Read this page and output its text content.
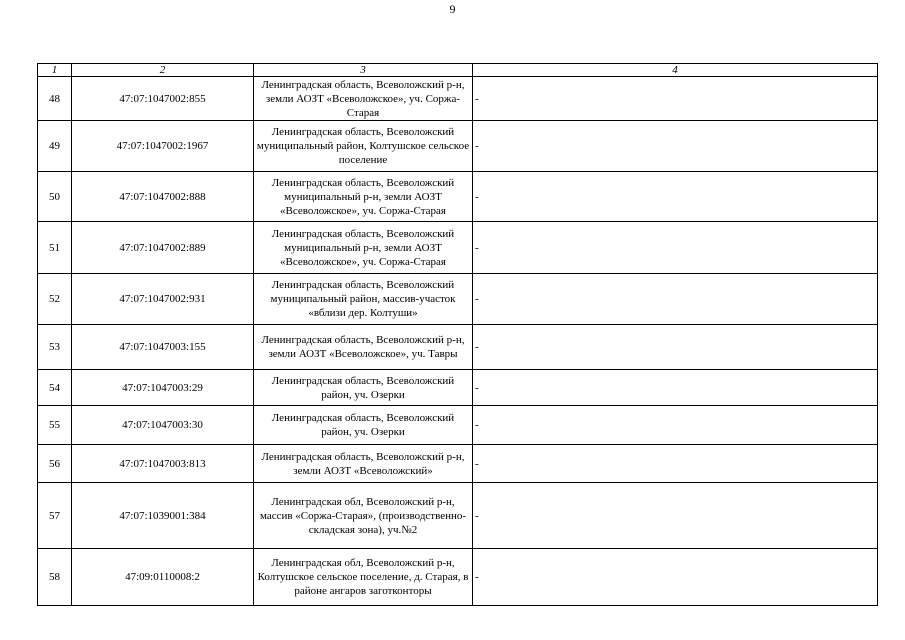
9
1	2	3	4
48	47:07:1047002:855	Ленинградская область, Всеволожский р-н, земли АОЗТ «Всеволожское», уч. Соржа-Старая	-
49	47:07:1047002:1967	Ленинградская область, Всеволожский муниципальный район, Колтушское сельское поселение	-
50	47:07:1047002:888	Ленинградская область, Всеволожский муниципальный р-н, земли АОЗТ «Всеволожское», уч. Соржа-Старая	-
51	47:07:1047002:889	Ленинградская область, Всеволожский муниципальный р-н, земли АОЗТ «Всеволожское», уч. Соржа-Старая	-
52	47:07:1047002:931	Ленинградская область, Всеволожский муниципальный район, массив-участок «вблизи дер. Колтуши»	-
53	47:07:1047003:155	Ленинградская область, Всеволожский р-н, земли АОЗТ «Всеволожское», уч. Тавры	-
54	47:07:1047003:29	Ленинградская область, Всеволожский район, уч. Озерки	-
55	47:07:1047003:30	Ленинградская область, Всеволожский район, уч. Озерки	-
56	47:07:1047003:813	Ленинградская область, Всеволожский р-н, земли АОЗТ «Всеволожский»	-
57	47:07:1039001:384	Ленинградская обл, Всеволожский р-н, массив «Соржа-Старая», (производственно-складская зона), уч.№2	-
58	47:09:0110008:2	Ленинградская обл, Всеволожский р-н, Колтушское сельское поселение, д. Старая, в районе ангаров заготконторы	-
